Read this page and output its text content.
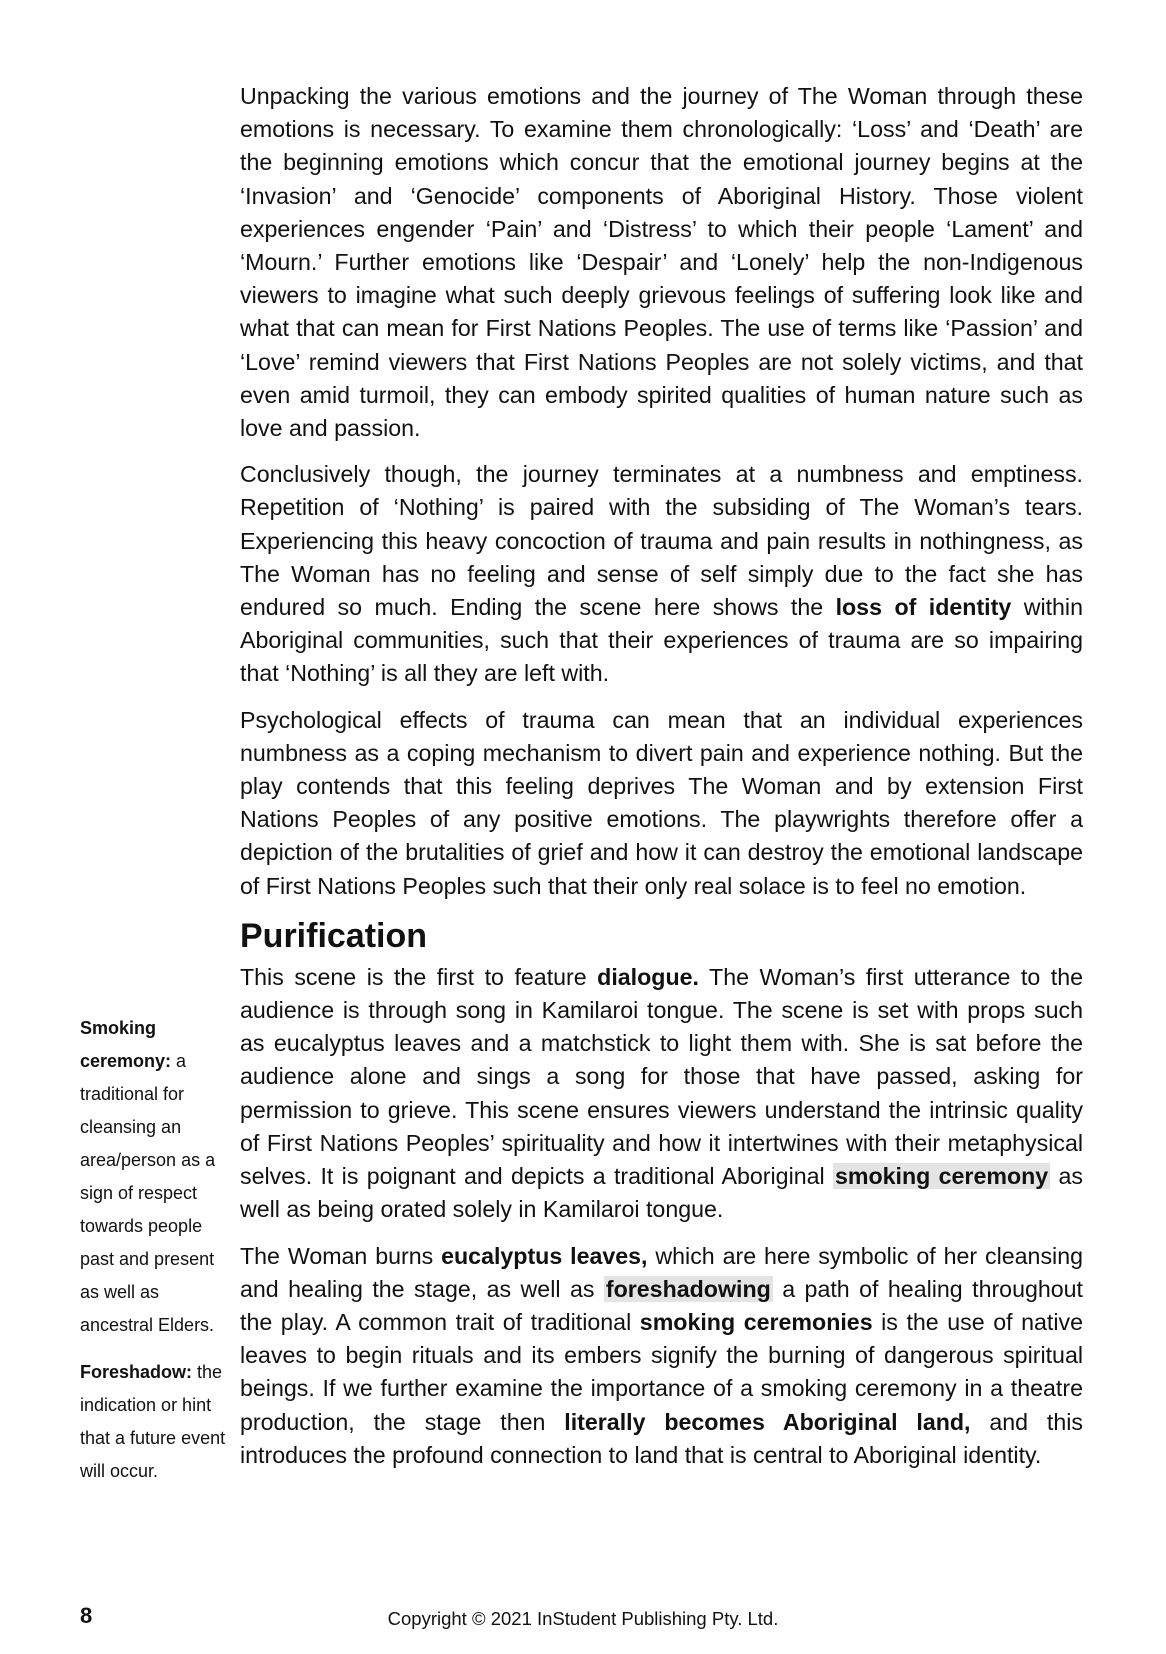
Unpacking the various emotions and the journey of The Woman through these emotions is necessary. To examine them chronologically: ‘Loss’ and ‘Death’ are the beginning emotions which concur that the emotional journey begins at the ‘Invasion’ and ‘Genocide’ components of Aboriginal History. Those violent experiences engender ‘Pain’ and ‘Distress’ to which their people ‘Lament’ and ‘Mourn.’ Further emotions like ‘Despair’ and ‘Lonely’ help the non-Indigenous viewers to imagine what such deeply grievous feelings of suffering look like and what that can mean for First Nations Peoples. The use of terms like ‘Passion’ and ‘Love’ remind viewers that First Nations Peoples are not solely victims, and that even amid turmoil, they can embody spirited qualities of human nature such as love and passion.

Conclusively though, the journey terminates at a numbness and emptiness. Repetition of ‘Nothing’ is paired with the subsiding of The Woman’s tears. Experiencing this heavy concoction of trauma and pain results in nothingness, as The Woman has no feeling and sense of self simply due to the fact she has endured so much. Ending the scene here shows the loss of identity within Aboriginal communities, such that their experiences of trauma are so impairing that ‘Nothing’ is all they are left with.

Psychological effects of trauma can mean that an individual experiences numbness as a coping mechanism to divert pain and experience nothing. But the play contends that this feeling deprives The Woman and by extension First Nations Peoples of any positive emotions. The playwrights therefore offer a depiction of the brutalities of grief and how it can destroy the emotional landscape of First Nations Peoples such that their only real solace is to feel no emotion.

Purification

This scene is the first to feature dialogue. The Woman’s first utterance to the audience is through song in Kamilaroi tongue. The scene is set with props such as eucalyptus leaves and a matchstick to light them with. She is sat before the audience alone and sings a song for those that have passed, asking for permission to grieve. This scene ensures viewers understand the intrinsic quality of First Nations Peoples’ spirituality and how it intertwines with their metaphysical selves. It is poignant and depicts a traditional Aboriginal smoking ceremony as well as being orated solely in Kamilaroi tongue.

The Woman burns eucalyptus leaves, which are here symbolic of her cleansing and healing the stage, as well as foreshadowing a path of healing throughout the play. A common trait of traditional smoking ceremonies is the use of native leaves to begin rituals and its embers signify the burning of dangerous spiritual beings. If we further examine the importance of a smoking ceremony in a theatre production, the stage then literally becomes Aboriginal land, and this introduces the profound connection to land that is central to Aboriginal identity.

Smoking ceremony: a traditional for cleansing an area/person as a sign of respect towards people past and present as well as ancestral Elders.

Foreshadow: the indication or hint that a future event will occur.

8	Copyright © 2021 InStudent Publishing Pty. Ltd.
